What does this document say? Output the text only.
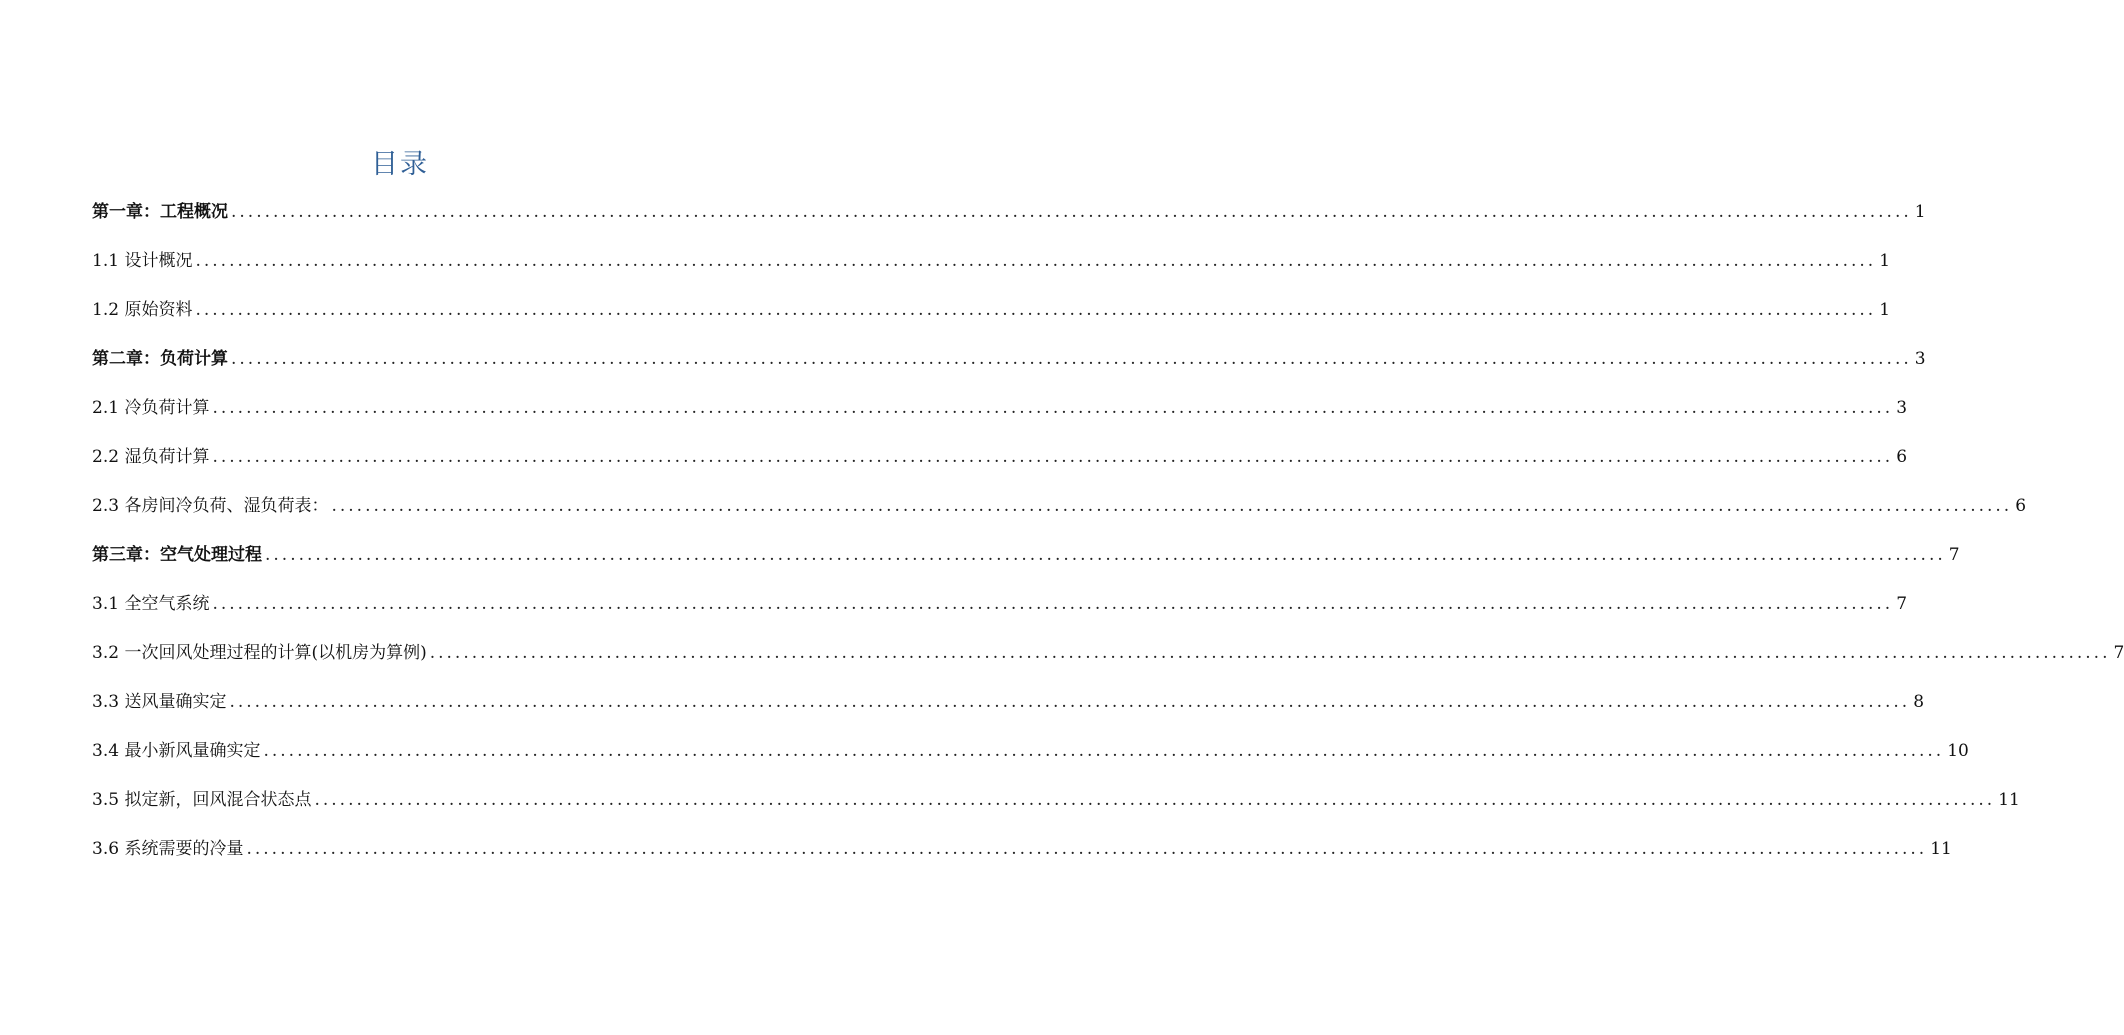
目录
第一章：工程概况 ........................................................................................................................................................................................................ 1
1.1 设计概况 ........................................................................................................................................................................................................ 1
1.2 原始资料 ........................................................................................................................................................................................................ 1
第二章：负荷计算 ........................................................................................................................................................................................................ 3
2.1 冷负荷计算 ........................................................................................................................................................................................................ 3
2.2 湿负荷计算 ........................................................................................................................................................................................................ 6
2.3 各房间冷负荷、湿负荷表： ........................................................................................................................................................................................................ 6
第三章：空气处理过程 ........................................................................................................................................................................................................ 7
3.1 全空气系统 ........................................................................................................................................................................................................ 7
3.2 一次回风处理过程的计算(以机房为算例) ........................................................................................................................................................................................................ 7
3.3 送风量确实定 ........................................................................................................................................................................................................ 8
3.4 最小新风量确实定 ........................................................................................................................................................................................................ 10
3.5 拟定新，回风混合状态点 ........................................................................................................................................................................................................ 11
3.6 系统需要的冷量 ........................................................................................................................................................................................................ 11
